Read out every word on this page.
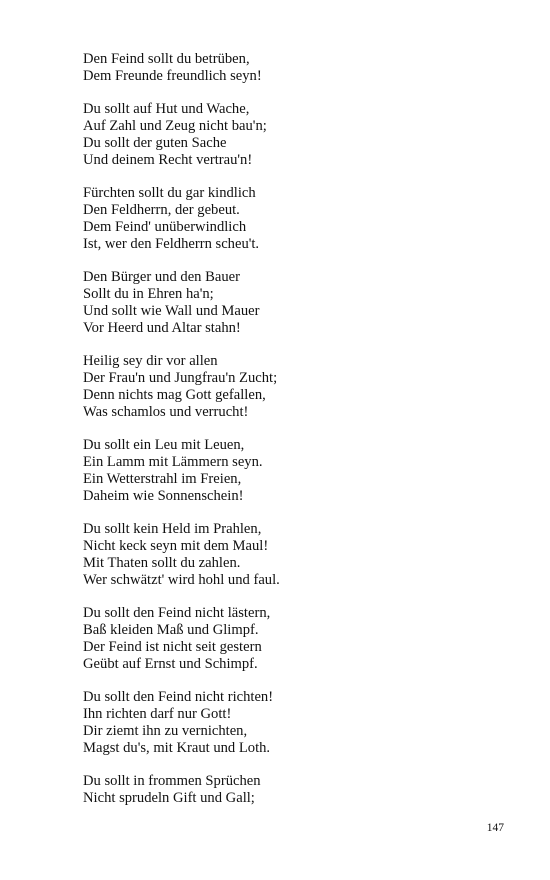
Den Feind sollt du betrüben,
Dem Freunde freundlich seyn!
Du sollt auf Hut und Wache,
Auf Zahl und Zeug nicht bau'n;
Du sollt der guten Sache
Und deinem Recht vertrau'n!
Fürchten sollt du gar kindlich
Den Feldherrn, der gebeut.
Dem Feind' unüberwindlich
Ist, wer den Feldherrn scheu't.
Den Bürger und den Bauer
Sollt du in Ehren ha'n;
Und sollt wie Wall und Mauer
Vor Heerd und Altar stahn!
Heilig sey dir vor allen
Der Frau'n und Jungfrau'n Zucht;
Denn nichts mag Gott gefallen,
Was schamlos und verrucht!
Du sollt ein Leu mit Leuen,
Ein Lamm mit Lämmern seyn.
Ein Wetterstrahl im Freien,
Daheim wie Sonnenschein!
Du sollt kein Held im Prahlen,
Nicht keck seyn mit dem Maul!
Mit Thaten sollt du zahlen.
Wer schwätzt' wird hohl und faul.
Du sollt den Feind nicht lästern,
Baß kleiden Maß und Glimpf.
Der Feind ist nicht seit gestern
Geübt auf Ernst und Schimpf.
Du sollt den Feind nicht richten!
Ihn richten darf nur Gott!
Dir ziemt ihn zu vernichten,
Magst du's, mit Kraut und Loth.
Du sollt in frommen Sprüchen
Nicht sprudeln Gift und Gall;
147
